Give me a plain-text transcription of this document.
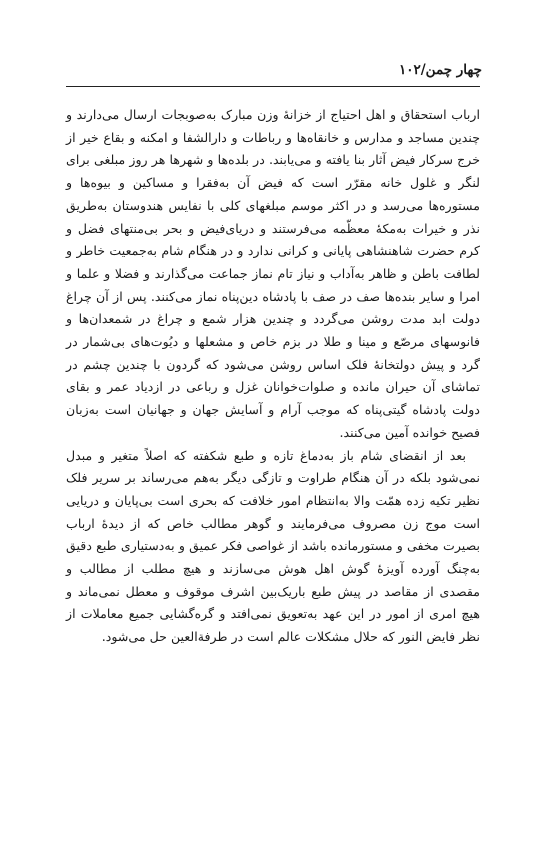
چهار چمن/۱۰۲

ارباب استحقاق و اهل احتیاج از خزانهٔ وزن مبارک به‌صوبجات ارسال می‌دارند و چندین مساجد و مدارس و خانقاه‌ها و رباطات و دارالشفا و امکنه و بقاع خیر از خرج سرکار فیض آثار بنا یافته و می‌یابند. در بلده‌ها و شهرها هر روز مبلغی برای لنگر و غلول خانه مقرّر است که فیض آن به‌فقرا و مساکین و بیوه‌ها و مستوره‌ها می‌رسد و در اکثر موسم مبلغهای کلی با نفایس هندوستان به‌طریق نذر و خیرات به‌مکهٔ معظّمه می‌فرستند و دریای‌فیض و بحر بی‌منتهای فضل و کرم حضرت شاهنشاهی پایانی و کرانی ندارد و در هنگام شام به‌جمعیت خاطر و لطافت باطن و ظاهر به‌آداب و نیاز تام نماز جماعت می‌گذارند و فضلا و علما و امرا و سایر بنده‌ها صف در صف با پادشاه دین‌پناه نماز می‌کنند. پس از آن چراغ دولت ابد مدت روشن می‌گردد و چندین هزار شمع و چراغ در شمعدان‌ها و فانوسهای مرصّع و مینا و طلا در بزم خاص و مشعلها و دیُوت‌های بی‌شمار در گرد و پیش دولتخانهٔ فلک اساس روشن می‌شود که گردون با چندین چشم در تماشای آن حیران مانده و صلوات‌خوانان غزل و رباعی در ازدیاد عمر و بقای دولت پادشاه گیتی‌پناه که موجب آرام و آسایش جهان و جهانیان است به‌زبان فصیح خوانده آمین می‌کنند.

بعد از انقضای شام باز به‌دماغ تازه و طبع شکفته که اصلاً متغیر و مبدل نمی‌شود بلکه در آن هنگام طراوت و تازگی دیگر به‌هم می‌رساند بر سریر فلک نظیر تکیه زده همّت والا به‌انتظام امور خلافت که بحری است بی‌پایان و دریایی است موج زن مصروف می‌فرمایند و گوهر مطالب خاص که از دیدهٔ ارباب بصیرت مخفی و مستورمانده باشد از غواصی فکر عمیق و به‌دستیاری طبع دقیق به‌چنگ آورده آویزهٔ گوش اهل هوش می‌سازند و هیچ مطلب از مطالب و مقصدی از مقاصد در پیش طبع باریک‌بین اشرف موقوف و معطل نمی‌ماند و هیچ امری از امور در این عهد به‌تعویق نمی‌افتد و گره‌گشایی جمیع معاملات از نظر فایض النور که حلال مشکلات عالم است در طرفةالعین حل می‌شود.
